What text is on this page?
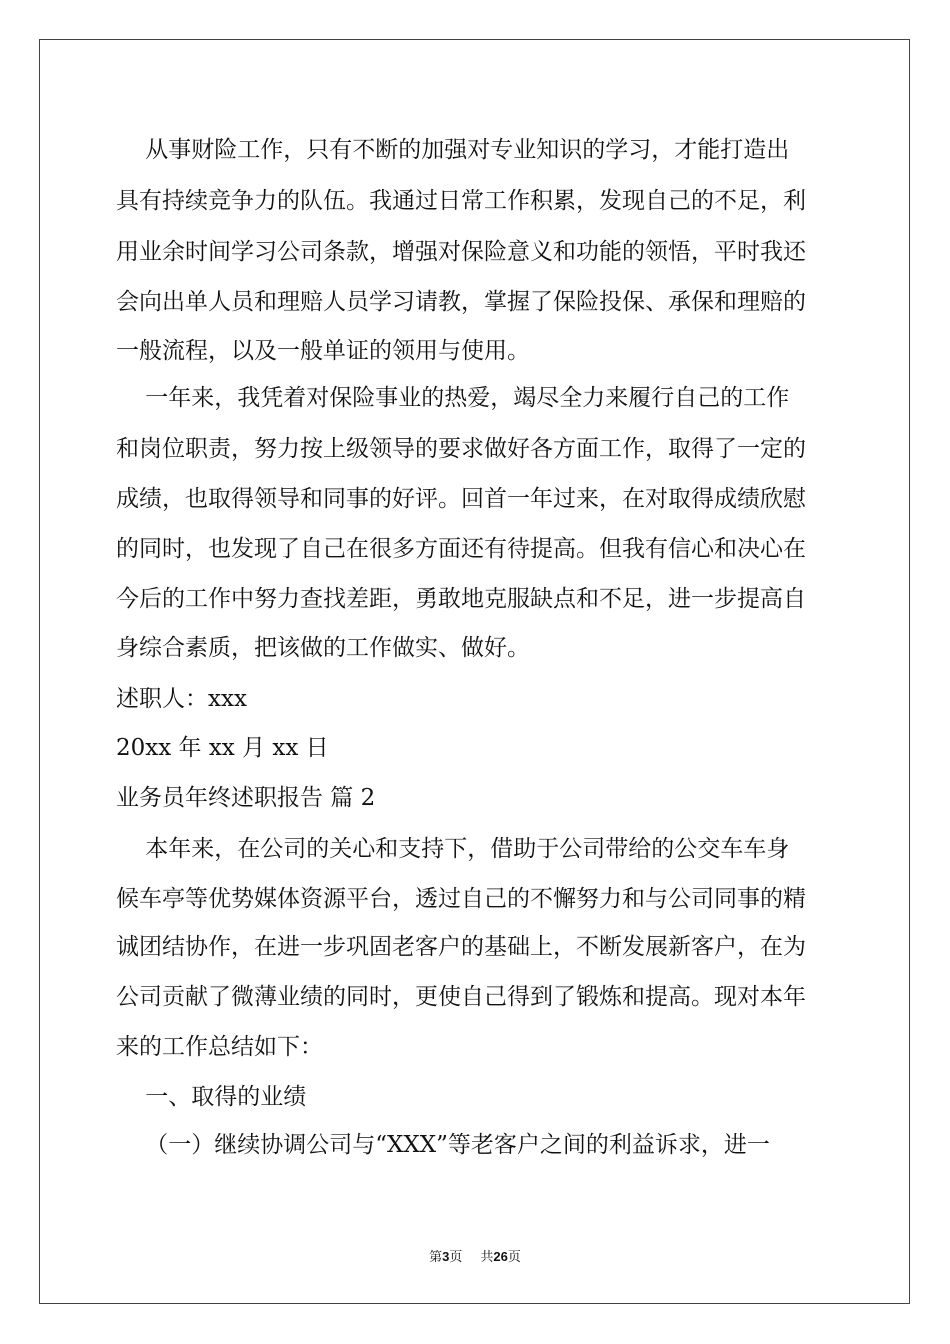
从事财险工作，只有不断的加强对专业知识的学习，才能打造出
具有持续竞争力的队伍。我通过日常工作积累，发现自己的不足，利
用业余时间学习公司条款，增强对保险意义和功能的领悟，平时我还
会向出单人员和理赔人员学习请教，掌握了保险投保、承保和理赔的
一般流程，以及一般单证的领用与使用。
一年来，我凭着对保险事业的热爱，竭尽全力来履行自己的工作
和岗位职责，努力按上级领导的要求做好各方面工作，取得了一定的
成绩，也取得领导和同事的好评。回首一年过来，在对取得成绩欣慰
的同时，也发现了自己在很多方面还有待提高。但我有信心和决心在
今后的工作中努力查找差距，勇敢地克服缺点和不足，进一步提高自
身综合素质，把该做的工作做实、做好。
述职人：xxx
20xx 年 xx 月 xx 日
业务员年终述职报告 篇 2
本年来，在公司的关心和支持下，借助于公司带给的公交车车身
候车亭等优势媒体资源平台，透过自己的不懈努力和与公司同事的精
诚团结协作，在进一步巩固老客户的基础上，不断发展新客户，在为
公司贡献了微薄业绩的同时，更使自己得到了锻炼和提高。现对本年
来的工作总结如下：
一、取得的业绩
（一）继续协调公司与“XXX”等老客户之间的利益诉求，进一
第3页 共26页
